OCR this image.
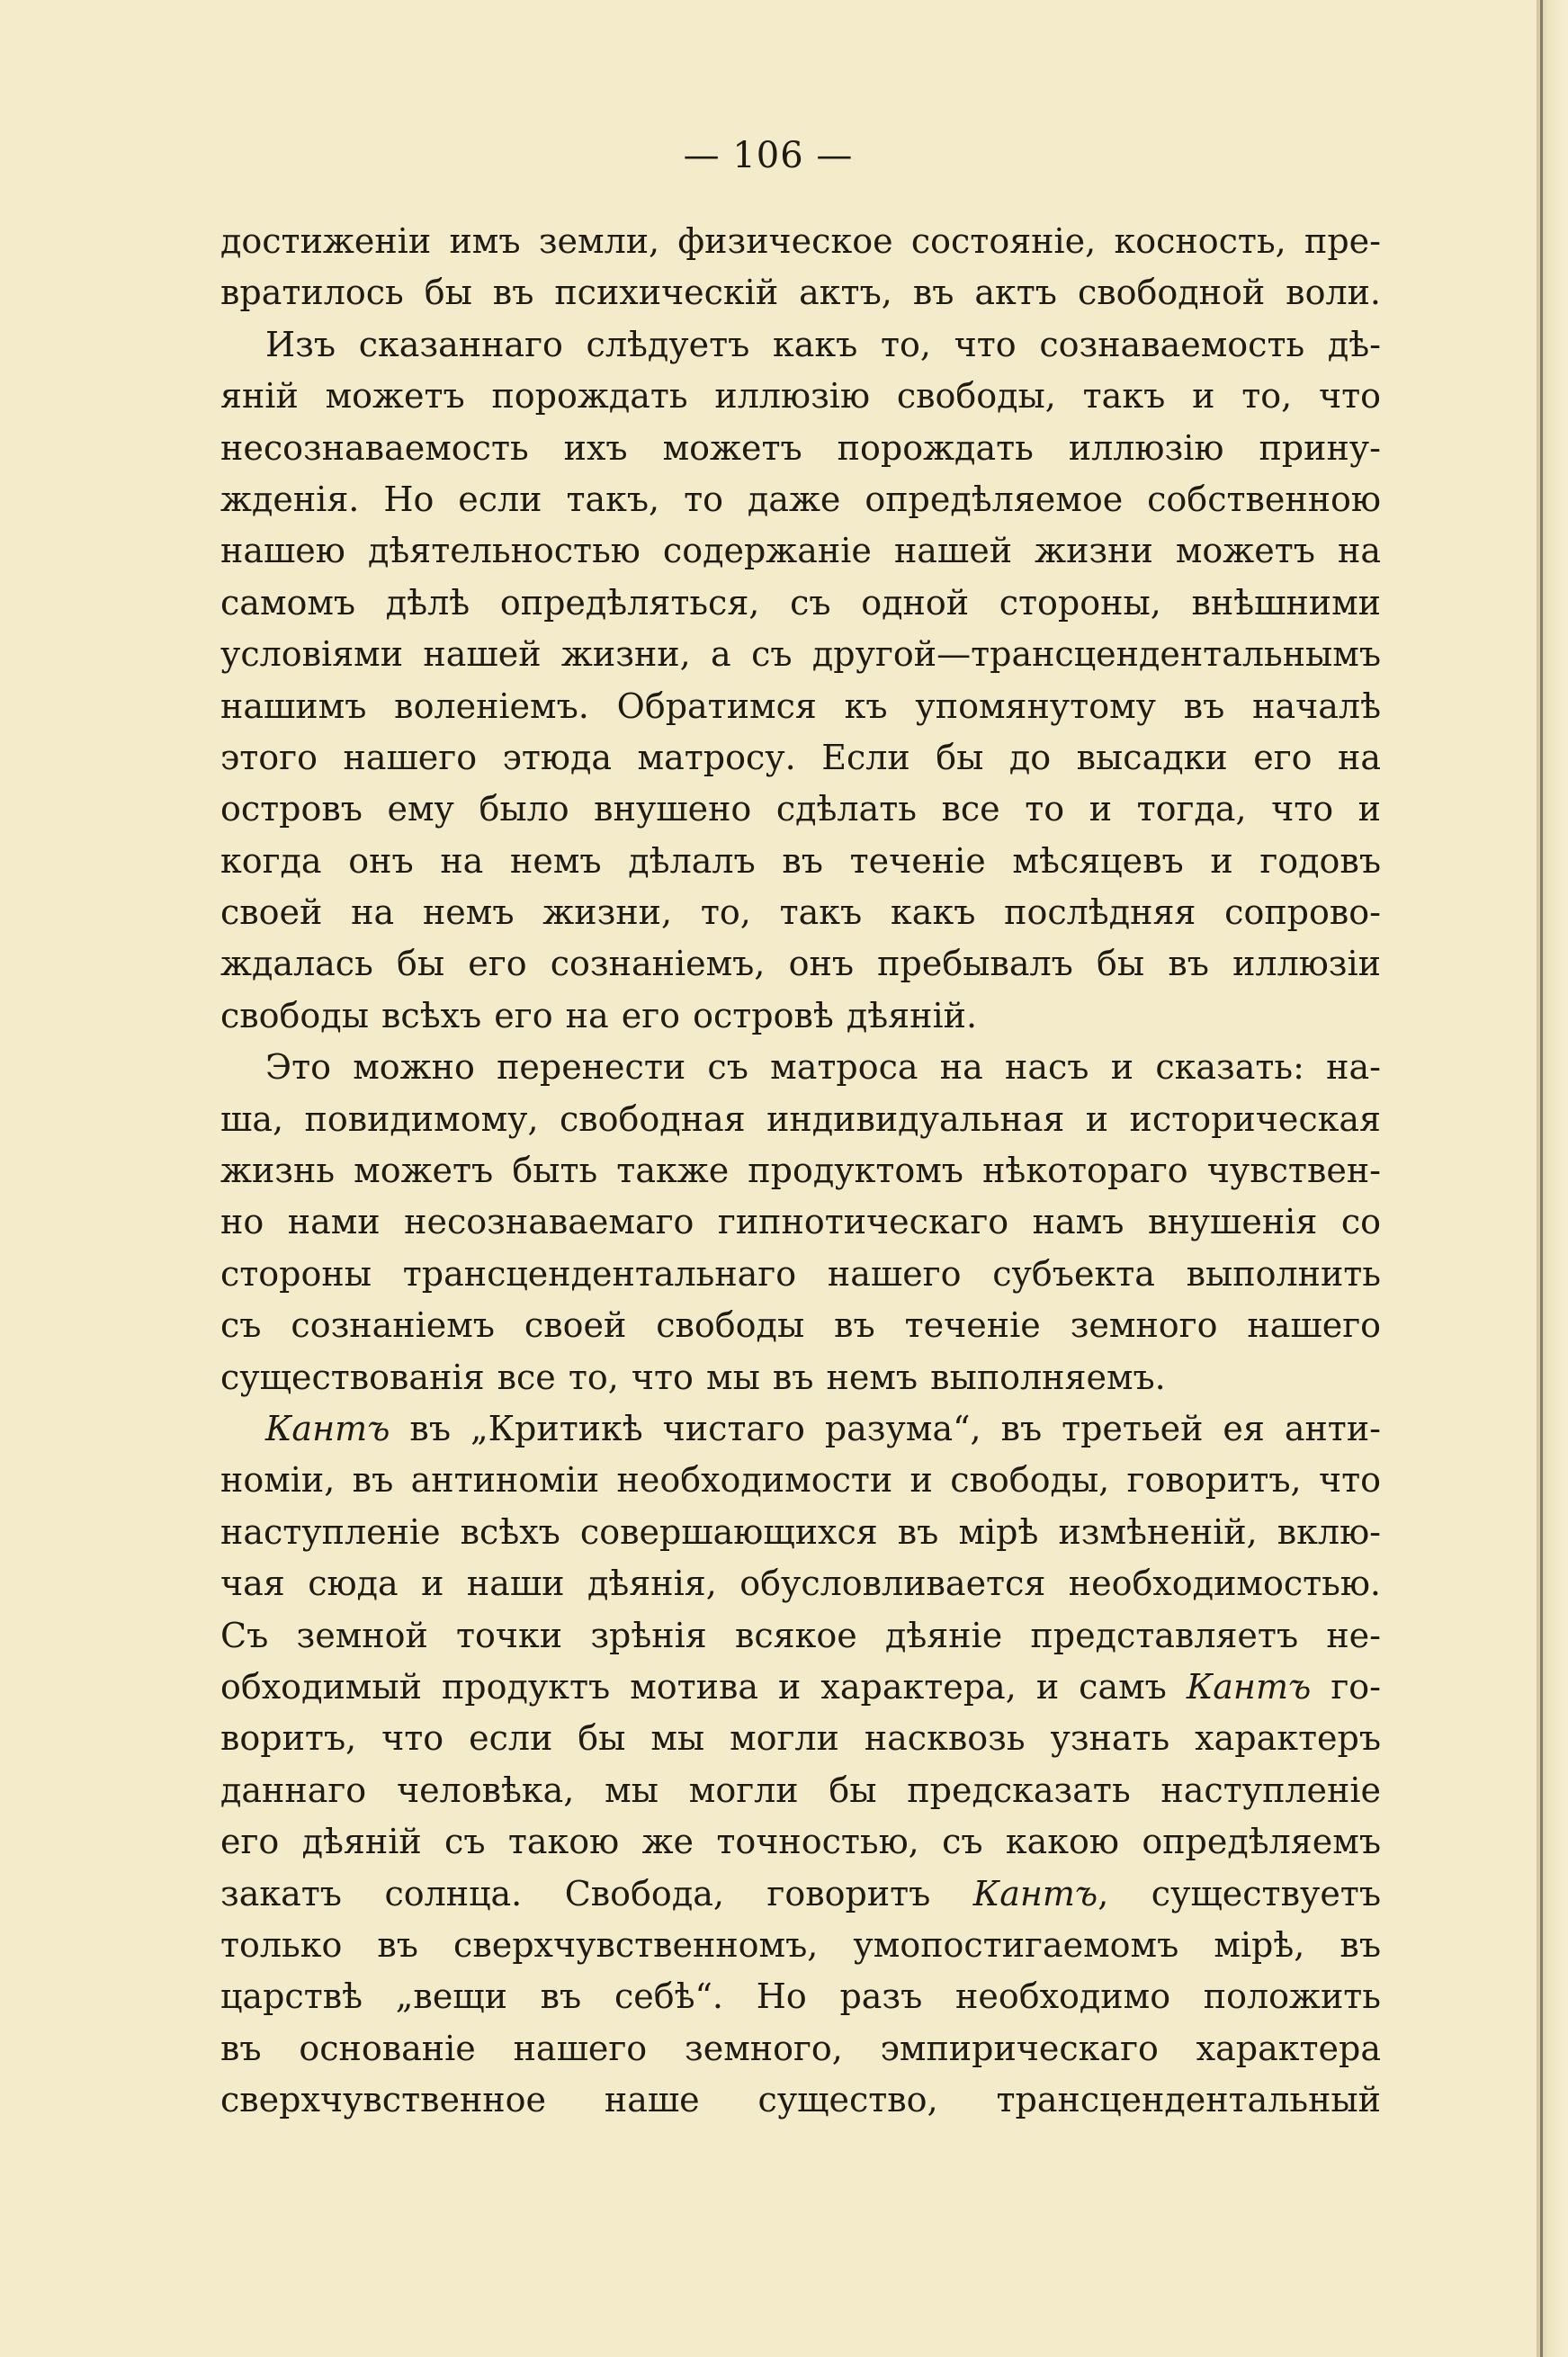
— 106 —
достиженіи имъ земли, физическое состояніе, косность, пре-
вратилось бы въ психическій актъ, въ актъ свободной воли.
Изъ сказаннаго слѣдуетъ какъ то, что сознаваемость дѣ-
яній можетъ порождать иллюзію свободы, такъ и то, что
несознаваемость ихъ можетъ порождать иллюзію прину-
жденія. Но если такъ, то даже опредѣляемое собственною
нашею дѣятельностью содержаніе нашей жизни можетъ на
самомъ дѣлѣ опредѣляться, съ одной стороны, внѣшними
условіями нашей жизни, а съ другой—трансцендентальнымъ
нашимъ воленіемъ. Обратимся къ упомянутому въ началѣ
этого нашего этюда матросу. Если бы до высадки его на
островъ ему было внушено сдѣлать все то и тогда, что и
когда онъ на немъ дѣлалъ въ теченіе мѣсяцевъ и годовъ
своей на немъ жизни, то, такъ какъ послѣдняя сопрово-
ждалась бы его сознаніемъ, онъ пребывалъ бы въ иллюзіи
свободы всѣхъ его на его островѣ дѣяній.
Это можно перенести съ матроса на насъ и сказать: на-
ша, повидимому, свободная индивидуальная и историческая
жизнь можетъ быть также продуктомъ нѣкотораго чувствен-
но нами несознаваемаго гипнотическаго намъ внушенія со
стороны трансцендентальнаго нашего субъекта выполнить
съ сознаніемъ своей свободы въ теченіе земного нашего
существованія все то, что мы въ немъ выполняемъ.
Кантъ въ „Критикѣ чистаго разума“, въ третьей ея анти-
номіи, въ антиноміи необходимости и свободы, говоритъ, что
наступленіе всѣхъ совершающихся въ мірѣ измѣненій, вклю-
чая сюда и наши дѣянія, обусловливается необходимостью.
Съ земной точки зрѣнія всякое дѣяніе представляетъ не-
обходимый продуктъ мотива и характера, и самъ Кантъ го-
воритъ, что если бы мы могли насквозь узнать характеръ
даннаго человѣка, мы могли бы предсказать наступленіе
его дѣяній съ такою же точностью, съ какою опредѣляемъ
закатъ солнца. Свобода, говоритъ Кантъ, существуетъ
только въ сверхчувственномъ, умопостигаемомъ мірѣ, въ
царствѣ „вещи въ себѣ“. Но разъ необходимо положить
въ основаніе нашего земного, эмпирическаго характера
сверхчувственное наше существо, трансцендентальный
